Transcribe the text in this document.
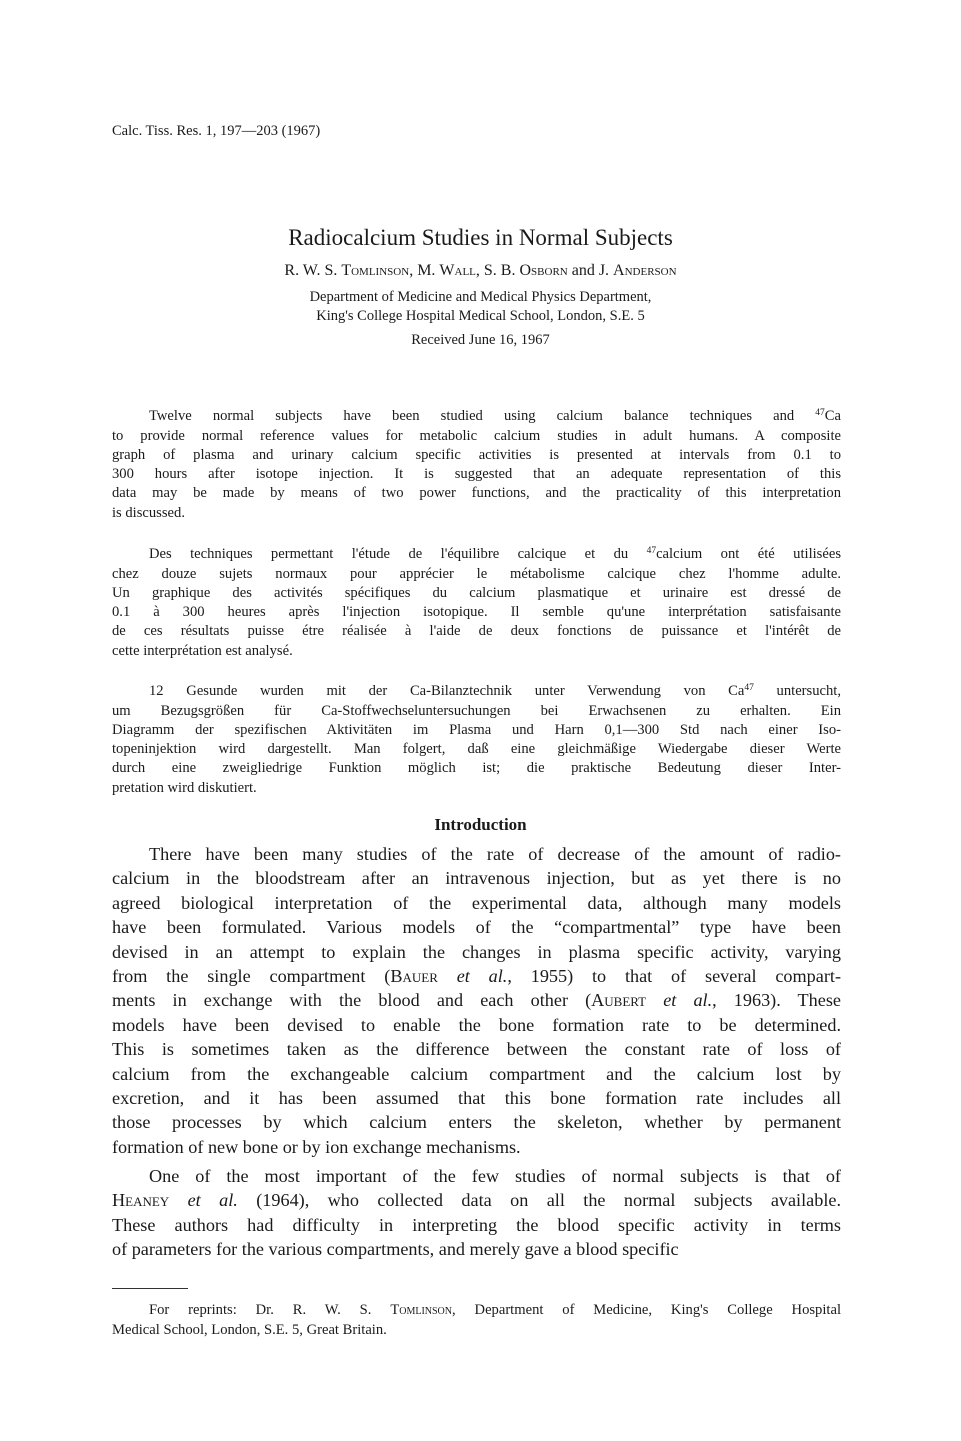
Calc. Tiss. Res. 1, 197—203 (1967)
Radiocalcium Studies in Normal Subjects
R. W. S. Tomlinson, M. Wall, S. B. Osborn and J. Anderson
Department of Medicine and Medical Physics Department,
King's College Hospital Medical School, London, S.E. 5
Received June 16, 1967
Twelve normal subjects have been studied using calcium balance techniques and $^{47}$Ca
to provide normal reference values for metabolic calcium studies in adult humans. A composite
graph of plasma and urinary calcium specific activities is presented at intervals from 0.1 to
300 hours after isotope injection. It is suggested that an adequate representation of this
data may be made by means of two power functions, and the practicality of this interpretation
is discussed.
Des techniques permettant l'étude de l'équilibre calcique et du $^{47}$calcium ont été utilisées
chez douze sujets normaux pour apprécier le métabolisme calcique chez l'homme adulte.
Un graphique des activités spécifiques du calcium plasmatique et urinaire est dressé de
0.1 à 300 heures après l'injection isotopique. Il semble qu'une interprétation satisfaisante
de ces résultats puisse étre réalisée à l'aide de deux fonctions de puissance et l'intérêt de
cette interprétation est analysé.
12 Gesunde wurden mit der Ca-Bilanztechnik unter Verwendung von Ca$^{47}$ untersucht,
um Bezugsgrößen für Ca-Stoffwechseluntersuchungen bei Erwachsenen zu erhalten. Ein
Diagramm der spezifischen Aktivitäten im Plasma und Harn 0,1—300 Std nach einer Iso-
topeninjektion wird dargestellt. Man folgert, daß eine gleichmäßige Wiedergabe dieser Werte
durch eine zweigliedrige Funktion möglich ist; die praktische Bedeutung dieser Inter-
pretation wird diskutiert.
Introduction
There have been many studies of the rate of decrease of the amount of radio-
calcium in the bloodstream after an intravenous injection, but as yet there is no
agreed biological interpretation of the experimental data, although many models
have been formulated. Various models of the “compartmental” type have been
devised in an attempt to explain the changes in plasma specific activity, varying
from the single compartment (Bauer et al., 1955) to that of several compart-
ments in exchange with the blood and each other (Aubert et al., 1963). These
models have been devised to enable the bone formation rate to be determined.
This is sometimes taken as the difference between the constant rate of loss of
calcium from the exchangeable calcium compartment and the calcium lost by
excretion, and it has been assumed that this bone formation rate includes all
those processes by which calcium enters the skeleton, whether by permanent
formation of new bone or by ion exchange mechanisms.
One of the most important of the few studies of normal subjects is that of
Heaney et al. (1964), who collected data on all the normal subjects available.
These authors had difficulty in interpreting the blood specific activity in terms
of parameters for the various compartments, and merely gave a blood specific
For reprints: Dr. R. W. S. Tomlinson, Department of Medicine, King's College Hospital
Medical School, London, S.E. 5, Great Britain.
